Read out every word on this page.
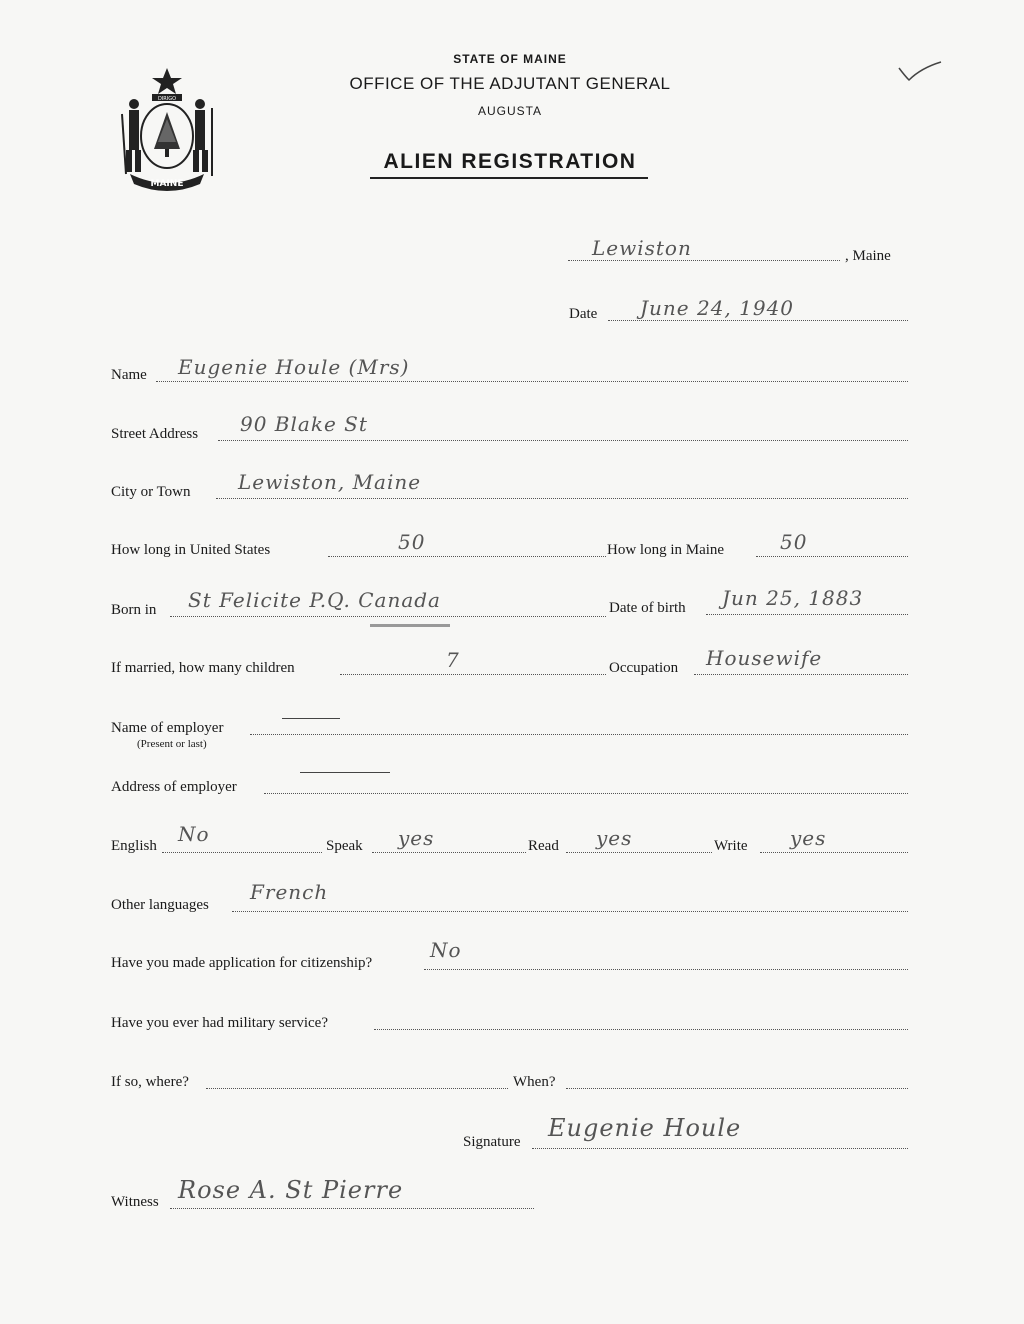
DIRIGO
MAINE
STATE OF MAINE
OFFICE OF THE ADJUTANT GENERAL
AUGUSTA
ALIEN REGISTRATION
Lewiston	, Maine
Date June 24, 1940
Name Eugenie Houle (Mrs)
Street Address 90 Blake St
City or Town Lewiston, Maine
How long in United States	50	How long in Maine	50
Born in St Felicite P.Q. Canada	Date of birth Jun 25, 1883
If married, how many children	7	Occupation Housewife
Name of employer
(Present or last)
Address of employer
English No	Speak yes	Read yes	Write yes
Other languages
French
Have you made application for citizenship?
No
Have you ever had military service?
If so, where?	When?
Signature Eugenie Houle
Witness Rose A. St Pierre
